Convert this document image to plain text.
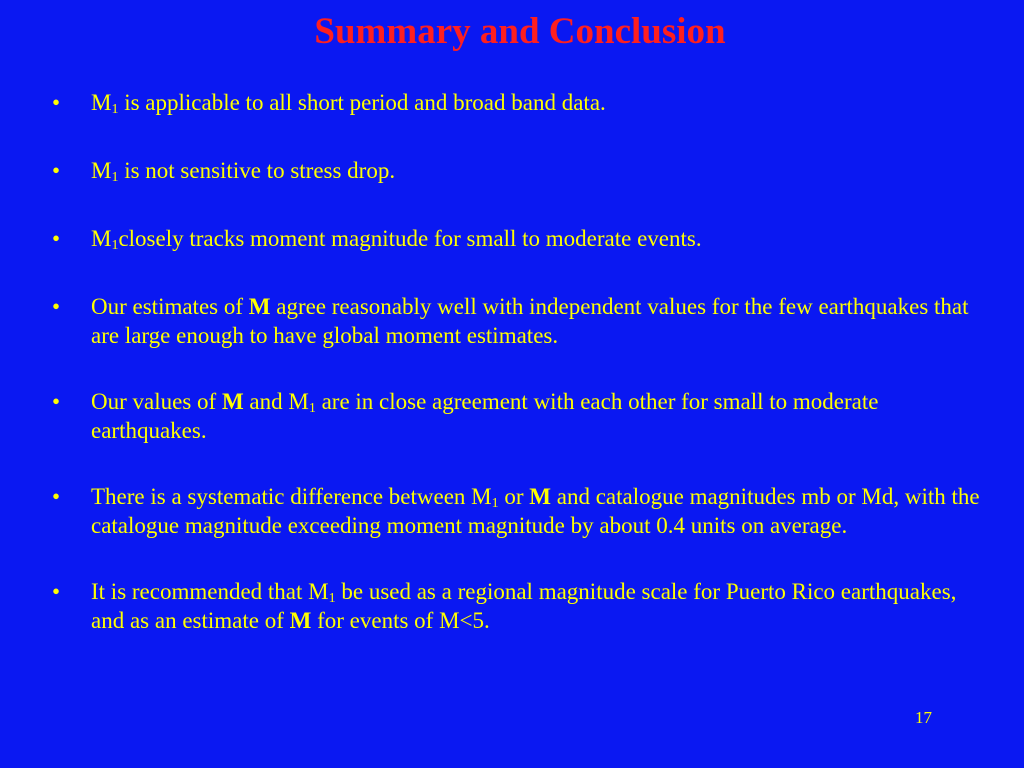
Summary and Conclusion
• $M_1$ is applicable to all short period and broad band data.
• $M_1$ is not sensitive to stress drop.
• $M_1closely$ tracks moment magnitude for small to moderate events.
• Our estimates of M agree reasonably well with independent values for the few earthquakes that are large enough to have global moment estimates.
• Our values of M and $M_1$ are in close agreement with each other for small to moderate earthquakes.
• There is a systematic difference between $M_1$ or M and catalogue magnitudes mb or Md, with the catalogue magnitude exceeding moment magnitude by about 0.4 units on average.
• It is recommended that $M_1$ be used as a regional magnitude scale for Puerto Rico earthquakes, and as an estimate of M for events of M<5.
17
